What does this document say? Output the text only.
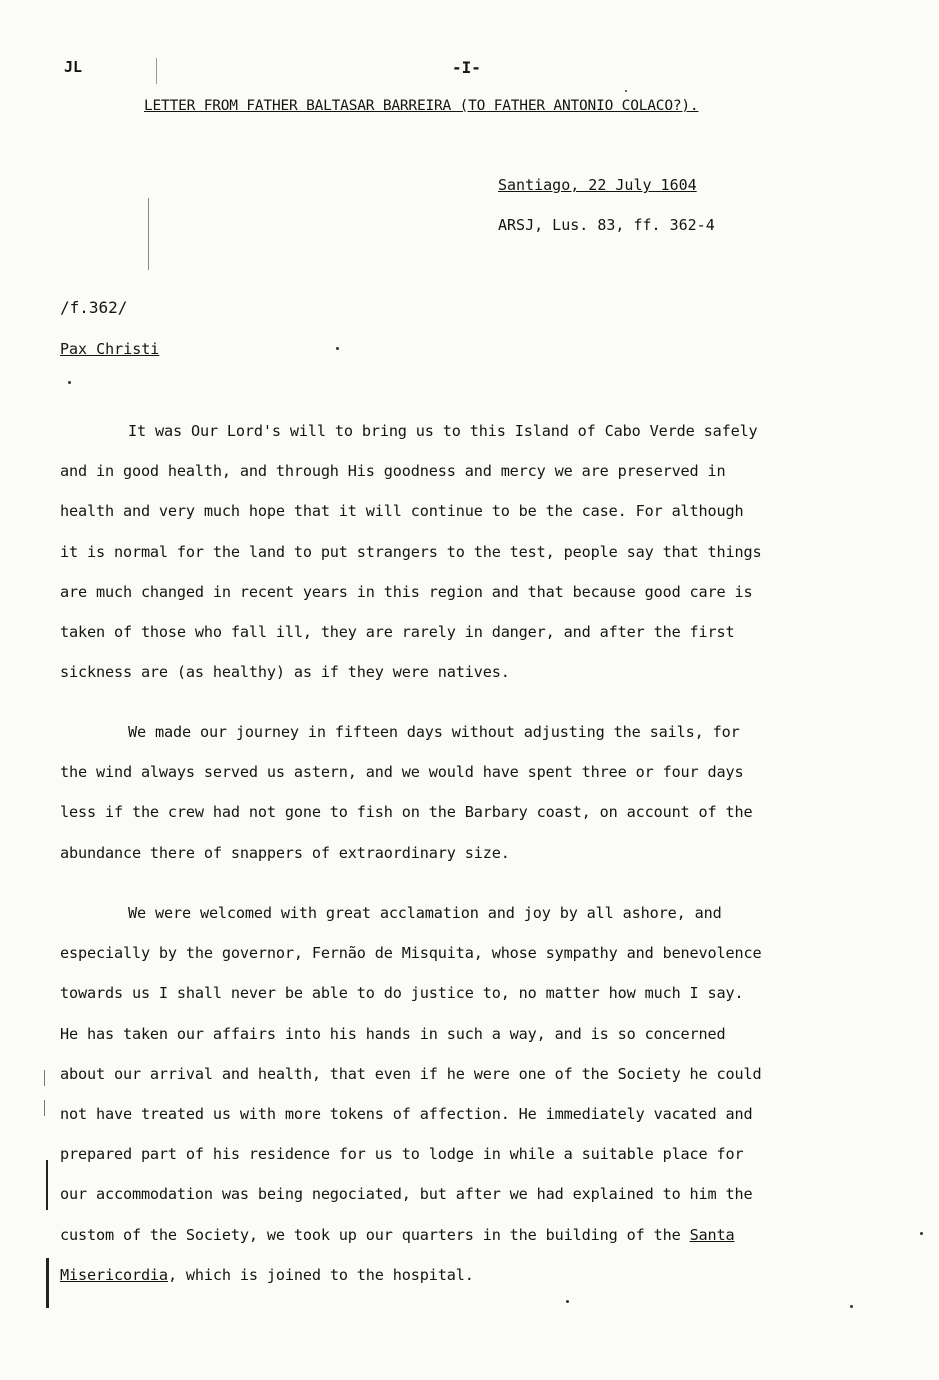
JL	-I-
LETTER FROM FATHER BALTASAR BARREIRA (TO FATHER ANTONIO COLACO?).
Santiago, 22 July 1604
ARSJ, Lus. 83, ff. 362-4
/f.362/
Pax Christi
It was Our Lord's will to bring us to this Island of Cabo Verde safely
and in good health, and through His goodness and mercy we are preserved in
health and very much hope that it will continue to be the case. For although
it is normal for the land to put strangers to the test, people say that things
are much changed in recent years in this region and that because good care is
taken of those who fall ill, they are rarely in danger, and after the first
sickness are (as healthy) as if they were natives.
We made our journey in fifteen days without adjusting the sails, for
the wind always served us astern, and we would have spent three or four days
less if the crew had not gone to fish on the Barbary coast, on account of the
abundance there of snappers of extraordinary size.
We were welcomed with great acclamation and joy by all ashore, and
especially by the governor, Fernão de Misquita, whose sympathy and benevolence
towards us I shall never be able to do justice to, no matter how much I say.
He has taken our affairs into his hands in such a way, and is so concerned
about our arrival and health, that even if he were one of the Society he could
not have treated us with more tokens of affection. He immediately vacated and
prepared part of his residence for us to lodge in while a suitable place for
our accommodation was being negociated, but after we had explained to him the
custom of the Society, we took up our quarters in the building of the Santa
Misericordia, which is joined to the hospital.
